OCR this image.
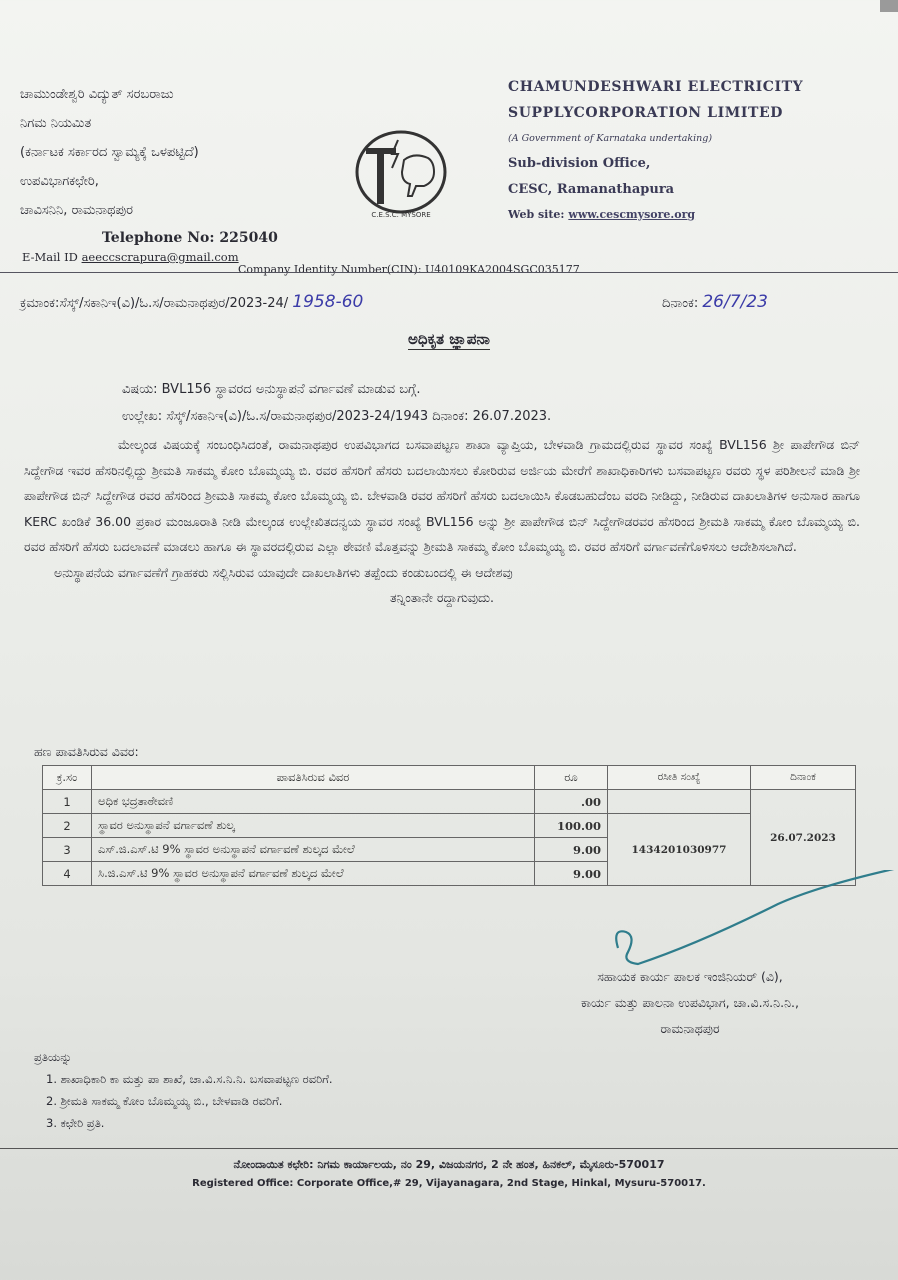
ಚಾಮುಂಡೇಶ್ವರಿ ವಿದ್ಯುತ್ ಸರಬರಾಜು
ನಿಗಮ ನಿಯಮಿತ
(ಕರ್ನಾಟಕ ಸರ್ಕಾರದ ಸ್ವಾಮ್ಯಕ್ಕೆ ಒಳಪಟ್ಟಿದೆ)
ಉಪವಿಭಾಗಕಛೇರಿ,
ಚಾವಿಸನಿನಿ, ರಾಮನಾಥಪುರ
Telephone No: 225040
E-Mail ID aeeccscrapura@gmail.com
Company Identity Number(CIN): U40109KA2004SGC035177
C.E.S.C. MYSORE
CHAMUNDESHWARI ELECTRICITY
SUPPLYCORPORATION LIMITED
(A Government of Karnataka undertaking)
Sub-division Office,
CESC, Ramanathapura
Web site: www.cescmysore.org
ಕ್ರಮಾಂಕ:ಸೆಸ್ಕ್/ಸಕಾನಿಇ(ವಿ)/ಓ.ಸ/ರಾಮನಾಥಪುರ/2023-24/ 1958-60	ದಿನಾಂಕ: 26/7/23
ಅಧಿಕೃತ ಜ್ಞಾಪನಾ
ವಿಷಯ: BVL156 ಸ್ಥಾವರದ ಅನುಸ್ಥಾಪನೆ ವರ್ಗಾವಣೆ ಮಾಡುವ ಬಗ್ಗೆ.
ಉಲ್ಲೇಖ: ಸೆಸ್ಕ್/ಸಕಾನಿಇ(ವಿ)/ಓ.ಸ/ರಾಮನಾಥಪುರ/2023-24/1943 ದಿನಾಂಕ: 26.07.2023.

ಮೇಲ್ಕಂಡ ವಿಷಯಕ್ಕೆ ಸಂಬಂಧಿಸಿದಂತೆ, ರಾಮನಾಥಪುರ ಉಪವಿಭಾಗದ ಬಸವಾಪಟ್ಟಣ ಶಾಖಾ ವ್ಯಾಪ್ತಿಯ, ಬೇಳವಾಡಿ ಗ್ರಾಮದಲ್ಲಿರುವ ಸ್ಥಾವರ ಸಂಖ್ಯೆ BVL156 ಶ್ರೀ ಪಾಪೇಗೌಡ ಬಿನ್ ಸಿದ್ದೇಗೌಡ ಇವರ ಹೆಸರಿನಲ್ಲಿದ್ದು ಶ್ರೀಮತಿ ಸಾಕಮ್ಮ ಕೋಂ ಬೊಮ್ಮಯ್ಯ ಬಿ. ರವರ ಹೆಸರಿಗೆ ಹೆಸರು ಬದಲಾಯಿಸಲು ಕೋರಿರುವ ಅರ್ಜಿಯ ಮೇರೆಗೆ ಶಾಖಾಧಿಕಾರಿಗಳು ಬಸವಾಪಟ್ಟಣ ರವರು ಸ್ಥಳ ಪರಿಶೀಲನೆ ಮಾಡಿ ಶ್ರೀ ಪಾಪೇಗೌಡ ಬಿನ್ ಸಿದ್ದೇಗೌಡ ರವರ ಹೆಸರಿಂದ ಶ್ರೀಮತಿ ಸಾಕಮ್ಮ ಕೋಂ ಬೊಮ್ಮಯ್ಯ ಬಿ. ಬೇಳವಾಡಿ ರವರ ಹೆಸರಿಗೆ ಹೆಸರು ಬದಲಾಯಿಸಿ ಕೊಡಬಹುದೆಂಬ ವರದಿ ನೀಡಿದ್ದು, ನೀಡಿರುವ ದಾಖಲಾತಿಗಳ ಅನುಸಾರ ಹಾಗೂ KERC ಖಂಡಿಕೆ 36.00 ಪ್ರಕಾರ ಮಂಜೂರಾತಿ ನೀಡಿ ಮೇಲ್ಕಂಡ ಉಲ್ಲೇಖಿತದನ್ವಯ ಸ್ಥಾವರ ಸಂಖ್ಯೆ BVL156 ಅನ್ನು ಶ್ರೀ ಪಾಪೇಗೌಡ ಬಿನ್ ಸಿದ್ದೇಗೌಡರವರ ಹೆಸರಿಂದ ಶ್ರೀಮತಿ ಸಾಕಮ್ಮ ಕೋಂ ಬೊಮ್ಮಯ್ಯ ಬಿ. ರವರ ಹೆಸರಿಗೆ ಹೆಸರು ಬದಲಾವಣೆ ಮಾಡಲು ಹಾಗೂ ಈ ಸ್ಥಾವರದಲ್ಲಿರುವ ಎಲ್ಲಾ ಠೇವಣಿ ಮೊತ್ತವನ್ನು ಶ್ರೀಮತಿ ಸಾಕಮ್ಮ ಕೋಂ ಬೊಮ್ಮಯ್ಯ ಬಿ. ರವರ ಹೆಸರಿಗೆ ವರ್ಗಾವಣೆಗೊಳಿಸಲು ಆದೇಶಿಸಲಾಗಿದೆ.

ಅನುಸ್ಥಾಪನೆಯ ವರ್ಗಾವಣೆಗೆ ಗ್ರಾಹಕರು ಸಲ್ಲಿಸಿರುವ ಯಾವುದೇ ದಾಖಲಾತಿಗಳು ತಪ್ಪೆಂದು ಕಂಡುಬಂದಲ್ಲಿ ಈ ಆದೇಶವು

ತನ್ನಿಂತಾನೇ ರದ್ದಾಗುವುದು.

ಹಣ ಪಾವತಿಸಿರುವ ವಿವರ:
ಕ್ರ.ಸಂ	ಪಾವತಿಸಿರುವ ವಿವರ	ರೂ	ರಸೀತಿ ಸಂಖ್ಯೆ	ದಿನಾಂಕ
1	ಅಧಿಕ ಭದ್ರತಾಠೇವಣಿ	.00		26.07.2023
2	ಸ್ಥಾವರ ಅನುಸ್ಥಾಪನೆ ವರ್ಗಾವಣೆ ಶುಲ್ಕ	100.00	1434201030977	
3	ಎಸ್.ಜಿ.ಎಸ್.ಟಿ 9% ಸ್ಥಾವರ ಅನುಸ್ಥಾಪನೆ ವರ್ಗಾವಣೆ ಶುಲ್ಕದ ಮೇಲೆ	9.00		
4	ಸಿ.ಜಿ.ಎಸ್.ಟಿ 9% ಸ್ಥಾವರ ಅನುಸ್ಥಾಪನೆ ವರ್ಗಾವಣೆ ಶುಲ್ಕದ ಮೇಲೆ	9.00		
ಸಹಾಯಕ ಕಾರ್ಯ ಪಾಲಕ ಇಂಜಿನಿಯರ್ (ವಿ),
ಕಾರ್ಯ ಮತ್ತು ಪಾಲನಾ ಉಪವಿಭಾಗ, ಚಾ.ವಿ.ಸ.ನಿ.ನಿ.,
ರಾಮನಾಥಪುರ
ಪ್ರತಿಯನ್ನು
1. ಶಾಖಾಧಿಕಾರಿ ಕಾ ಮತ್ತು ಪಾ ಶಾಖೆ, ಚಾ.ವಿ.ಸ.ನಿ.ನಿ. ಬಸವಾಪಟ್ಟಣ ರವರಿಗೆ.
2. ಶ್ರೀಮತಿ ಸಾಕಮ್ಮ ಕೋಂ ಬೊಮ್ಮಯ್ಯ ಬಿ., ಬೇಳವಾಡಿ ರವರಿಗೆ.
3. ಕಛೇರಿ ಪ್ರತಿ.
ನೋಂದಾಯಿತ ಕಛೇರಿ: ನಿಗಮ ಕಾರ್ಯಾಲಯ, ನಂ 29, ವಿಜಯನಗರ, 2 ನೇ ಹಂತ, ಹಿನಕಲ್, ಮೈಸೂರು-570017
Registered Office: Corporate Office,# 29, Vijayanagara, 2nd Stage, Hinkal, Mysuru-570017.
